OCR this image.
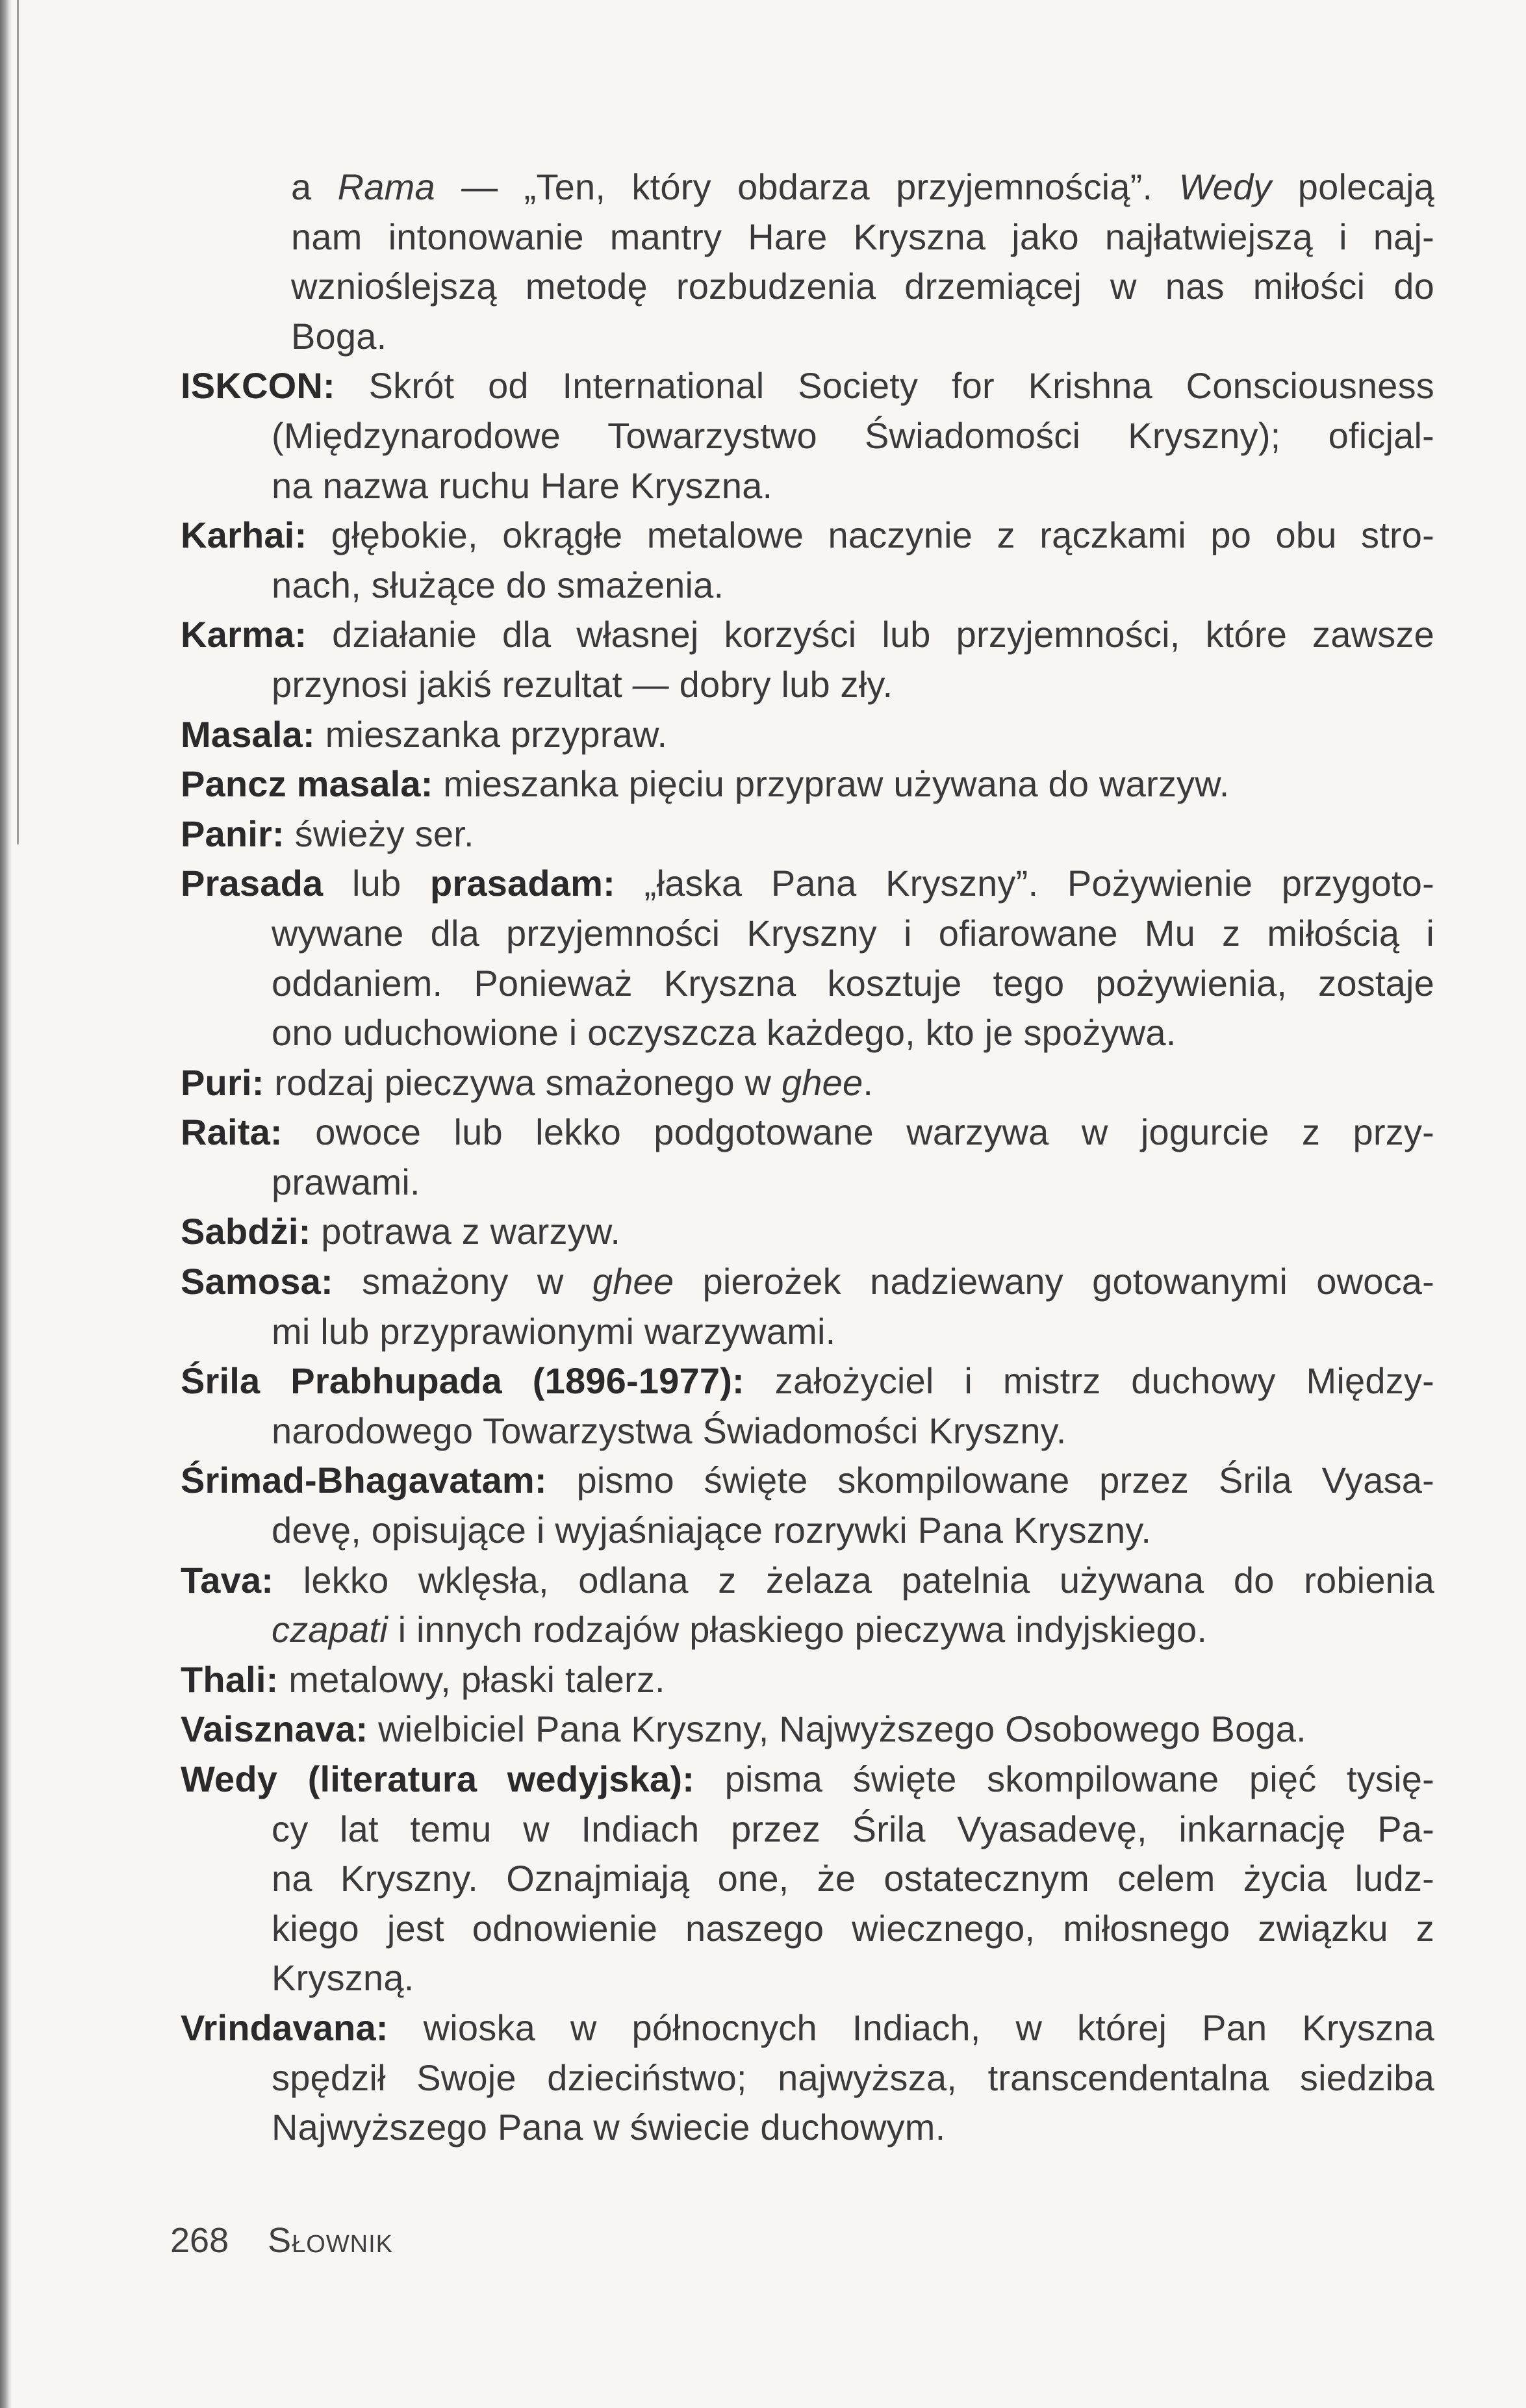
a Rama — „Ten, który obdarza przyjemnością”. Wedy polecają
nam intonowanie mantry Hare Kryszna jako najłatwiejszą i naj-
wznioślejszą metodę rozbudzenia drzemiącej w nas miłości do
Boga.
ISKCON: Skrót od International Society for Krishna Consciousness
(Międzynarodowe Towarzystwo Świadomości Kryszny); oficjal-
na nazwa ruchu Hare Kryszna.
Karhai: głębokie, okrągłe metalowe naczynie z rączkami po obu stro-
nach, służące do smażenia.
Karma: działanie dla własnej korzyści lub przyjemności, które zawsze
przynosi jakiś rezultat — dobry lub zły.
Masala: mieszanka przypraw.
Pancz masala: mieszanka pięciu przypraw używana do warzyw.
Panir: świeży ser.
Prasada lub prasadam: „łaska Pana Kryszny”. Pożywienie przygoto-
wywane dla przyjemności Kryszny i ofiarowane Mu z miłością i
oddaniem. Ponieważ Kryszna kosztuje tego pożywienia, zostaje
ono uduchowione i oczyszcza każdego, kto je spożywa.
Puri: rodzaj pieczywa smażonego w ghee.
Raita: owoce lub lekko podgotowane warzywa w jogurcie z przy-
prawami.
Sabdżi: potrawa z warzyw.
Samosa: smażony w ghee pierożek nadziewany gotowanymi owoca-
mi lub przyprawionymi warzywami.
Śrila Prabhupada (1896-1977): założyciel i mistrz duchowy Między-
narodowego Towarzystwa Świadomości Kryszny.
Śrimad-Bhagavatam: pismo święte skompilowane przez Śrila Vyasa-
devę, opisujące i wyjaśniające rozrywki Pana Kryszny.
Tava: lekko wklęsła, odlana z żelaza patelnia używana do robienia
czapati i innych rodzajów płaskiego pieczywa indyjskiego.
Thali: metalowy, płaski talerz.
Vaisznava: wielbiciel Pana Kryszny, Najwyższego Osobowego Boga.
Wedy (literatura wedyjska): pisma święte skompilowane pięć tysię-
cy lat temu w Indiach przez Śrila Vyasadevę, inkarnację Pa-
na Kryszny. Oznajmiają one, że ostatecznym celem życia ludz-
kiego jest odnowienie naszego wiecznego, miłosnego związku z
Kryszną.
Vrindavana: wioska w północnych Indiach, w której Pan Kryszna
spędził Swoje dzieciństwo; najwyższa, transcendentalna siedziba
Najwyższego Pana w świecie duchowym.
268 Słownik
